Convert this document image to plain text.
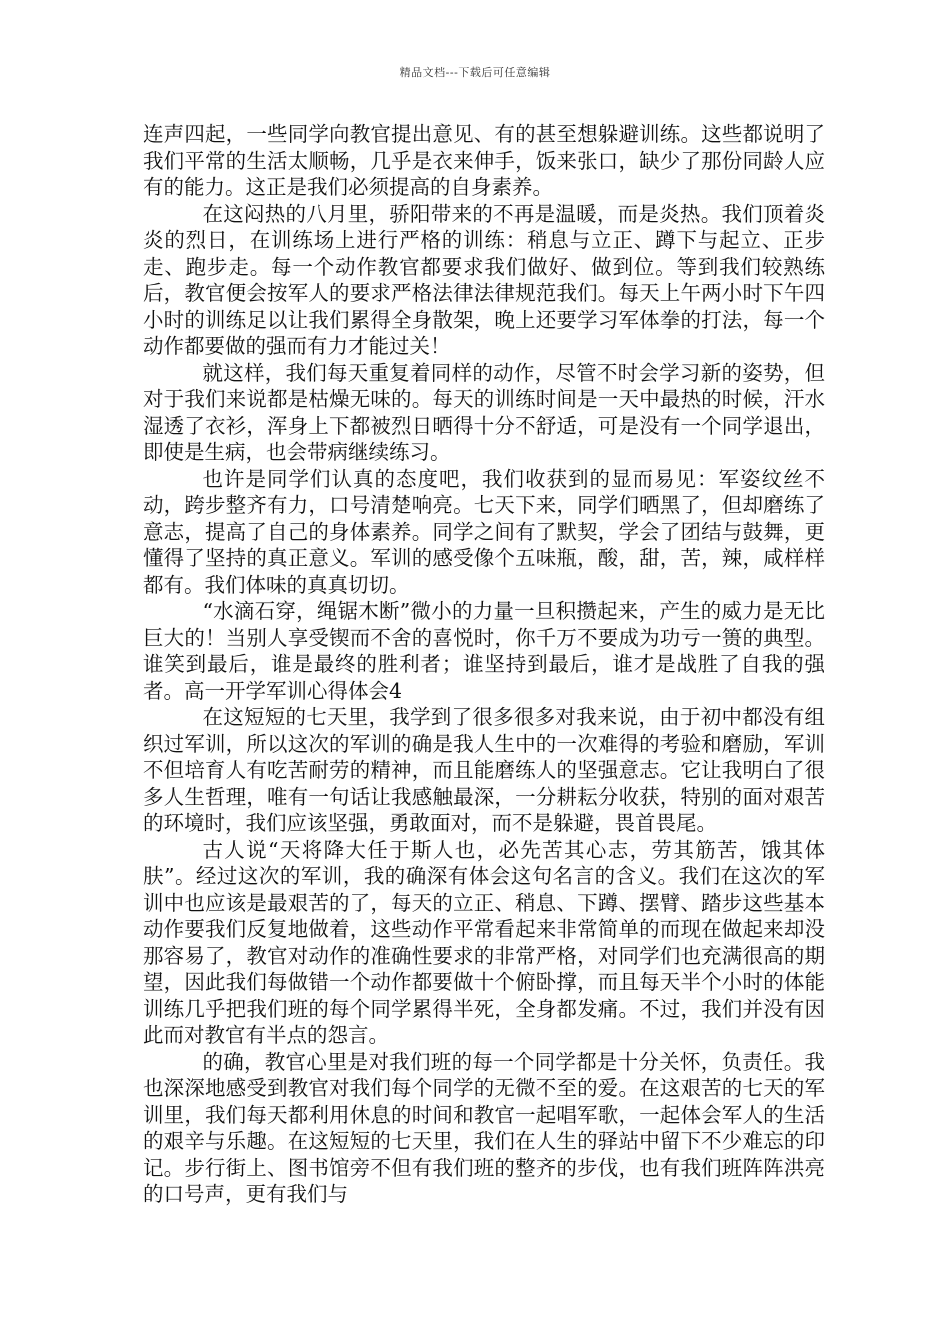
精品文档---下载后可任意编辑

连声四起，一些同学向教官提出意见、有的甚至想躲避训练。这些都说明了我们平常的生活太顺畅，几乎是衣来伸手，饭来张口，缺少了那份同龄人应有的能力。这正是我们必须提高的自身素养。

在这闷热的八月里，骄阳带来的不再是温暖，而是炎热。我们顶着炎炎的烈日，在训练场上进行严格的训练：稍息与立正、蹲下与起立、正步走、跑步走。每一个动作教官都要求我们做好、做到位。等到我们较熟练后，教官便会按军人的要求严格法律法律规范我们。每天上午两小时下午四小时的训练足以让我们累得全身散架，晚上还要学习军体拳的打法，每一个动作都要做的强而有力才能过关！

就这样，我们每天重复着同样的动作，尽管不时会学习新的姿势，但对于我们来说都是枯燥无味的。每天的训练时间是一天中最热的时候，汗水湿透了衣衫，浑身上下都被烈日晒得十分不舒适，可是没有一个同学退出，即使是生病，也会带病继续练习。

也许是同学们认真的态度吧，我们收获到的显而易见：军姿纹丝不动，跨步整齐有力，口号清楚响亮。七天下来，同学们晒黑了，但却磨练了意志，提高了自己的身体素养。同学之间有了默契，学会了团结与鼓舞，更懂得了坚持的真正意义。军训的感受像个五味瓶，酸，甜，苦，辣，咸样样都有。我们体味的真真切切。

“水滴石穿，绳锯木断”微小的力量一旦积攒起来，产生的威力是无比巨大的！当别人享受锲而不舍的喜悦时，你千万不要成为功亏一篑的典型。谁笑到最后，谁是最终的胜利者；谁坚持到最后，谁才是战胜了自我的强者。高一开学军训心得体会4

在这短短的七天里，我学到了很多很多对我来说，由于初中都没有组织过军训，所以这次的军训的确是我人生中的一次难得的考验和磨励，军训不但培育人有吃苦耐劳的精神，而且能磨练人的坚强意志。它让我明白了很多人生哲理，唯有一句话让我感触最深，一分耕耘分收获，特别的面对艰苦的环境时，我们应该坚强，勇敢面对，而不是躲避，畏首畏尾。

古人说“天将降大任于斯人也，必先苦其心志，劳其筋苦，饿其体肤”。经过这次的军训，我的确深有体会这句名言的含义。我们在这次的军训中也应该是最艰苦的了，每天的立正、稍息、下蹲、摆臂、踏步这些基本动作要我们反复地做着，这些动作平常看起来非常简单的而现在做起来却没那容易了，教官对动作的准确性要求的非常严格，对同学们也充满很高的期望，因此我们每做错一个动作都要做十个俯卧撑，而且每天半个小时的体能训练几乎把我们班的每个同学累得半死，全身都发痛。不过，我们并没有因此而对教官有半点的怨言。

的确，教官心里是对我们班的每一个同学都是十分关怀，负责任。我也深深地感受到教官对我们每个同学的无微不至的爱。在这艰苦的七天的军训里，我们每天都利用休息的时间和教官一起唱军歌，一起体会军人的生活的艰辛与乐趣。在这短短的七天里，我们在人生的驿站中留下不少难忘的印记。步行街上、图书馆旁不但有我们班的整齐的步伐，也有我们班阵阵洪亮的口号声，更有我们与
